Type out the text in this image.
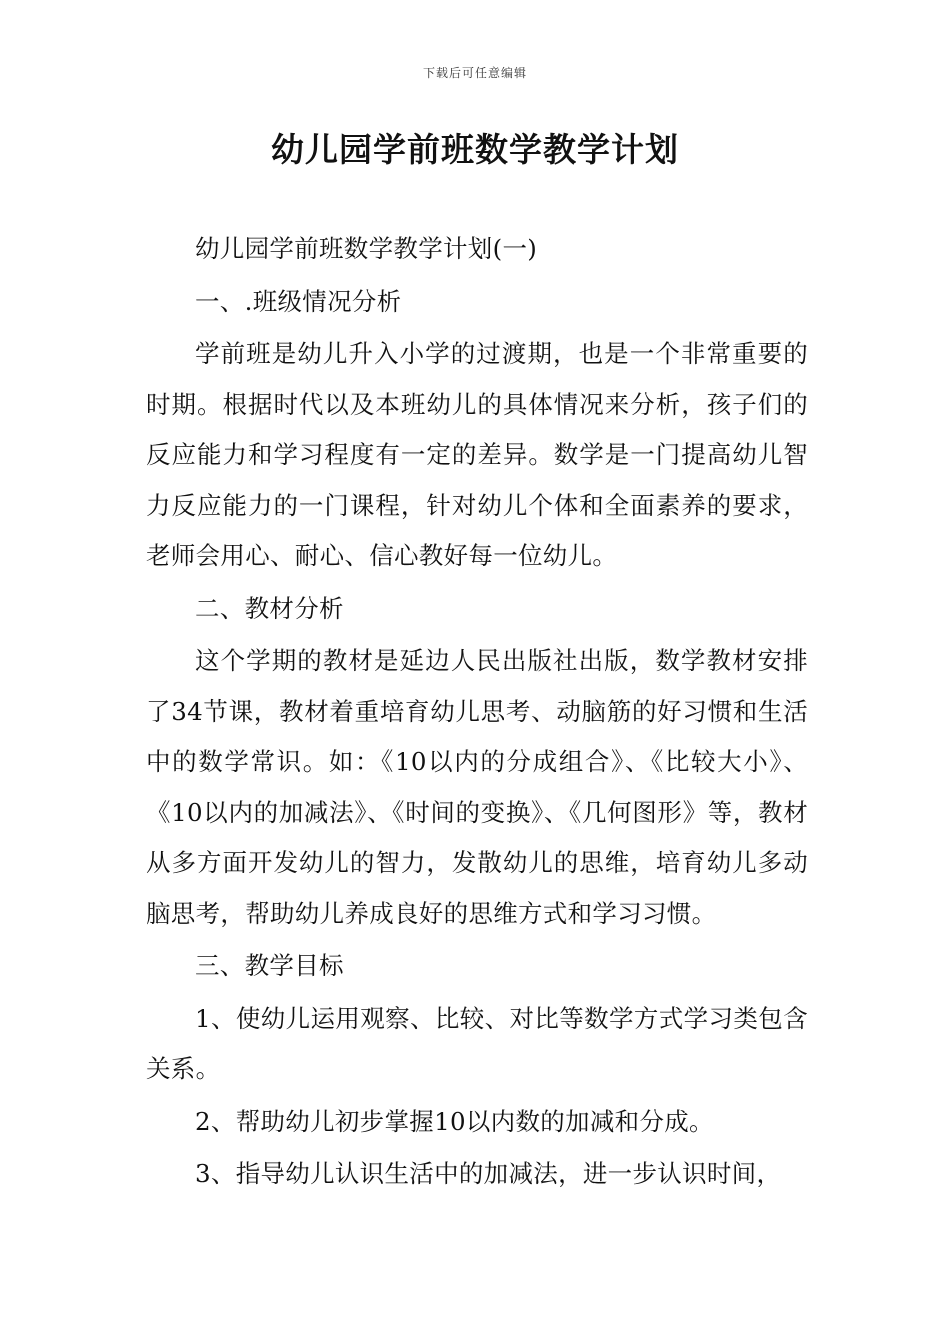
下载后可任意编辑
幼儿园学前班数学教学计划

幼儿园学前班数学教学计划(一)

一、.班级情况分析

学前班是幼儿升入小学的过渡期，也是一个非常重要的时期。根据时代以及本班幼儿的具体情况来分析，孩子们的反应能力和学习程度有一定的差异。数学是一门提高幼儿智力反应能力的一门课程，针对幼儿个体和全面素养的要求，老师会用心、耐心、信心教好每一位幼儿。

二、教材分析

这个学期的教材是延边人民出版社出版，数学教材安排了34节课，教材着重培育幼儿思考、动脑筋的好习惯和生活中的数学常识。如：《10以内的分成组合》、《比较大小》、《10以内的加减法》、《时间的变换》、《几何图形》等，教材从多方面开发幼儿的智力，发散幼儿的思维，培育幼儿多动脑思考，帮助幼儿养成良好的思维方式和学习习惯。

三、教学目标

1、使幼儿运用观察、比较、对比等数学方式学习类包含关系。

2、帮助幼儿初步掌握10以内数的加减和分成。

3、指导幼儿认识生活中的加减法，进一步认识时间，
